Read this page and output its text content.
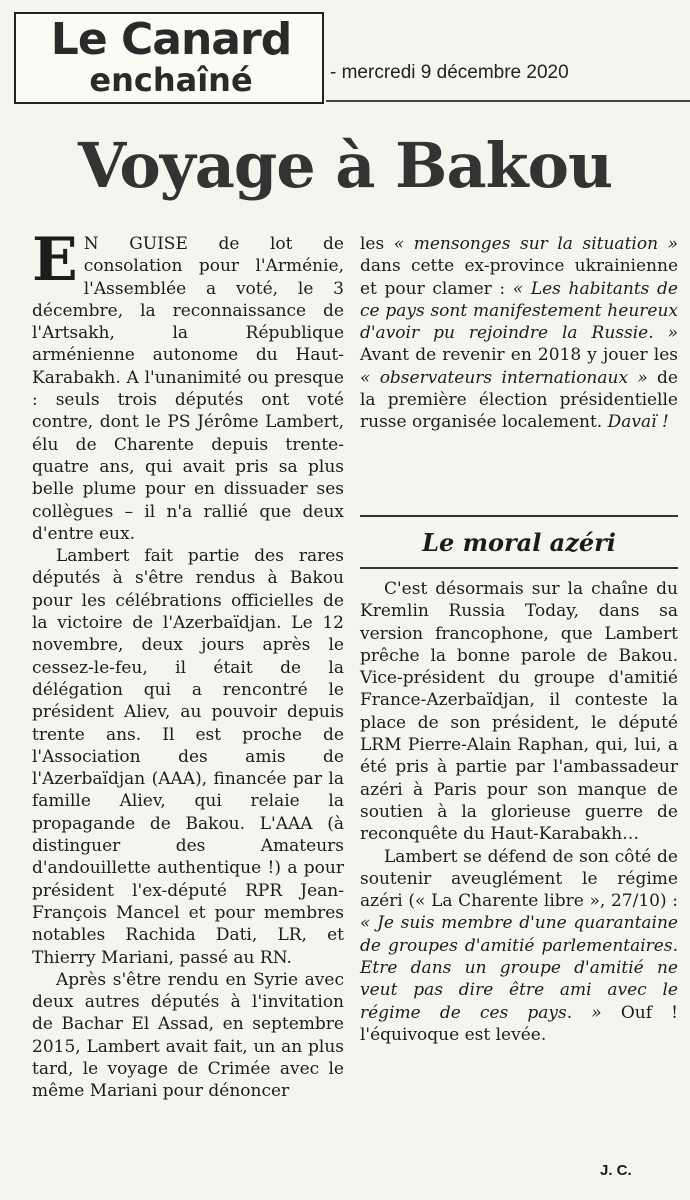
Le Canard
enchaîné
-	mercredi 9 décembre 2020
Voyage à Bakou

E N GUISE de lot de consolation pour l'Arménie, l'Assemblée a voté, le 3 décembre, la reconnaissance de l'Artsakh, la République arménienne autonome du Haut-Karabakh. A l'unanimité ou presque : seuls trois députés ont voté contre, dont le PS Jérôme Lambert, élu de Charente depuis trente-quatre ans, qui avait pris sa plus belle plume pour en dissuader ses collègues – il n'a rallié que deux d'entre eux.

Lambert fait partie des rares députés à s'être rendus à Bakou pour les célébrations officielles de la victoire de l'Azerbaïdjan. Le 12 novembre, deux jours après le cessez-le-feu, il était de la délégation qui a rencontré le président Aliev, au pouvoir depuis trente ans. Il est proche de l'Association des amis de l'Azerbaïdjan (AAA), financée par la famille Aliev, qui relaie la propagande de Bakou. L'AAA (à distinguer des Amateurs d'andouillette authentique !) a pour président l'ex-député RPR Jean-François Mancel et pour membres notables Rachida Dati, LR, et Thierry Mariani, passé au RN.

Après s'être rendu en Syrie avec deux autres députés à l'invitation de Bachar El Assad, en septembre 2015, Lambert avait fait, un an plus tard, le voyage de Crimée avec le même Mariani pour dénoncer

les « mensonges sur la situation » dans cette ex-province ukrainienne et pour clamer : « Les habitants de ce pays sont manifestement heureux d'avoir pu rejoindre la Russie. » Avant de revenir en 2018 y jouer les « observateurs internationaux » de la première élection présidentielle russe organisée localement. Davaï !

Le moral azéri

C'est désormais sur la chaîne du Kremlin Russia Today, dans sa version francophone, que Lambert prêche la bonne parole de Bakou. Vice-président du groupe d'amitié France-Azerbaïdjan, il conteste la place de son président, le député LRM Pierre-Alain Raphan, qui, lui, a été pris à partie par l'ambassadeur azéri à Paris pour son manque de soutien à la glorieuse guerre de reconquête du Haut-Karabakh…

Lambert se défend de son côté de soutenir aveuglément le régime azéri (« La Charente libre », 27/10) : « Je suis membre d'une quarantaine de groupes d'amitié parlementaires. Etre dans un groupe d'amitié ne veut pas dire être ami avec le régime de ces pays. » Ouf ! l'équivoque est levée.

J. C.
